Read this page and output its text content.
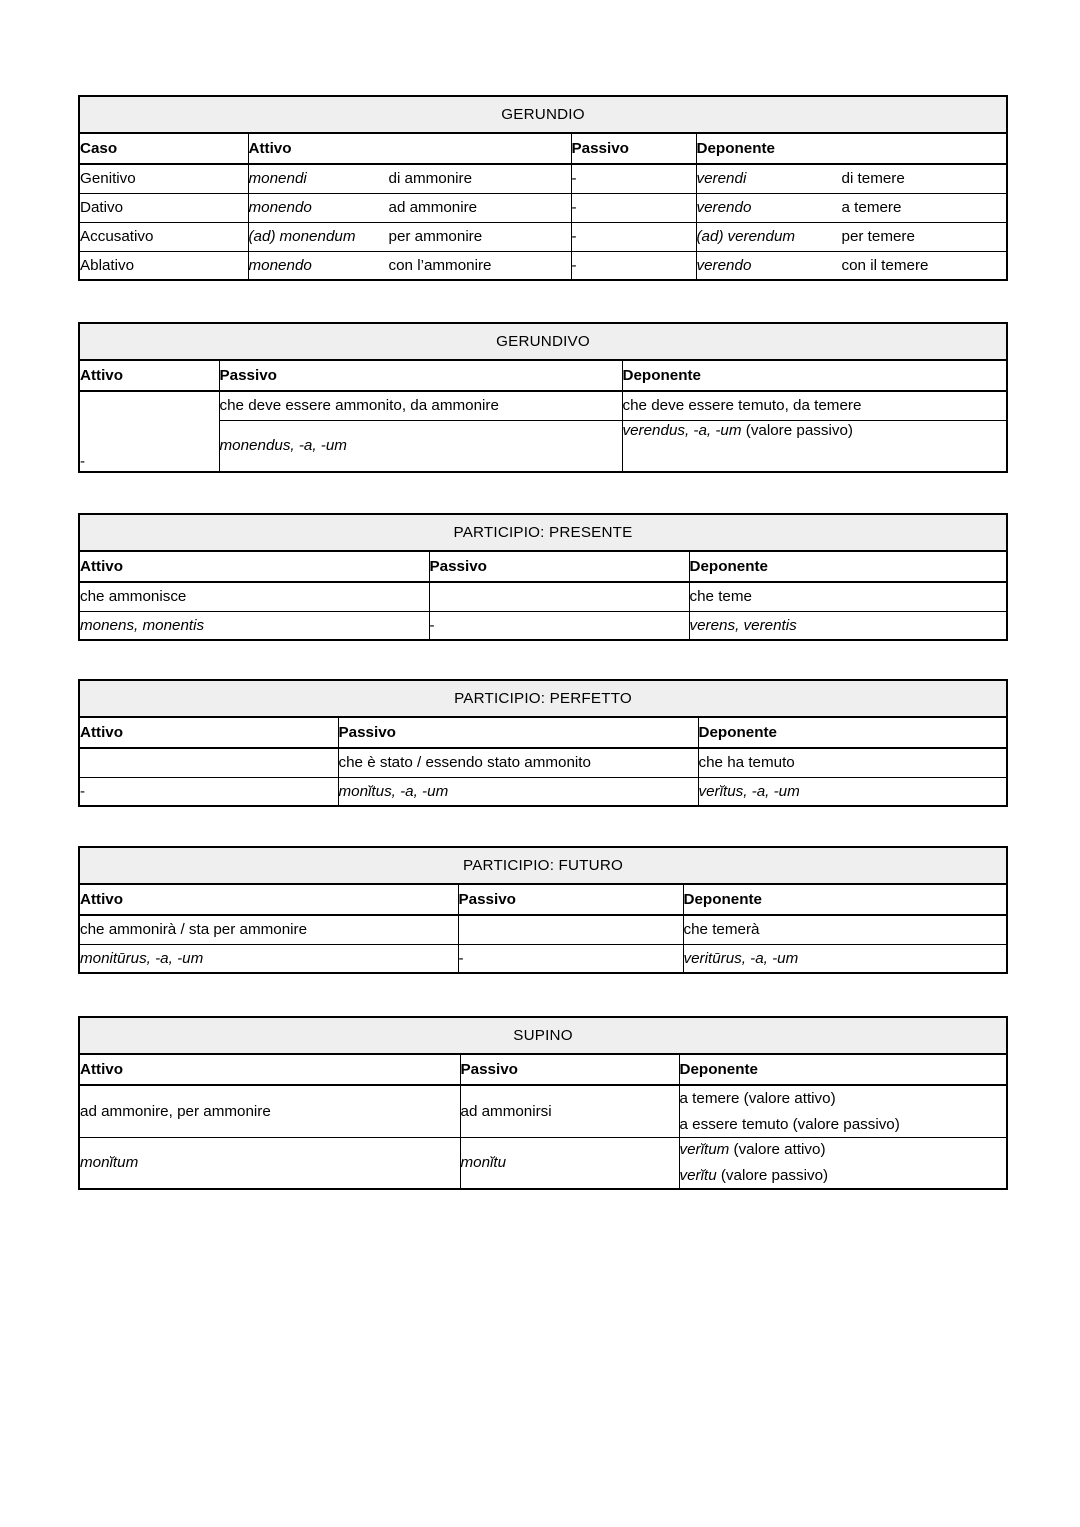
GERUNDIO			
Caso	Attivo	Passivo	Deponente
Genitivo	monendi di ammonire	-	verendi di temere

Dativo	monendo ad ammonire	-	verendo a temere

Accusativo	(ad) monendum per ammonire	-	(ad) verendum per temere

Ablativo	monendo con l’ammonire	-	verendo con il temere
GERUNDIVO		
Attivo	Passivo	Deponente
-	che deve essere ammonito, da ammonire	che deve essere temuto, da temere
	monendus, -a, -um	verendus, -a, -um (valore passivo)
PARTICIPIO: PRESENTE		
Attivo	Passivo	Deponente
che ammonisce		che teme
monens, monentis	-	verens, verentis
PARTICIPIO: PERFETTO		
Attivo	Passivo	Deponente
	che è stato / essendo stato ammonito	che ha temuto
-	monĭtus, -a, -um	verĭtus, -a, -um
PARTICIPIO: FUTURO		
Attivo	Passivo	Deponente
che ammonirà / sta per ammonire		che temerà
monitūrus, -a, -um	-	veritūrus, -a, -um
SUPINO		
Attivo	Passivo	Deponente
ad ammonire, per ammonire	ad ammonirsi	a temere (valore attivo)
a essere temuto (valore passivo)

monĭtum	monĭtu	verĭtum (valore attivo)
verĭtu (valore passivo)
